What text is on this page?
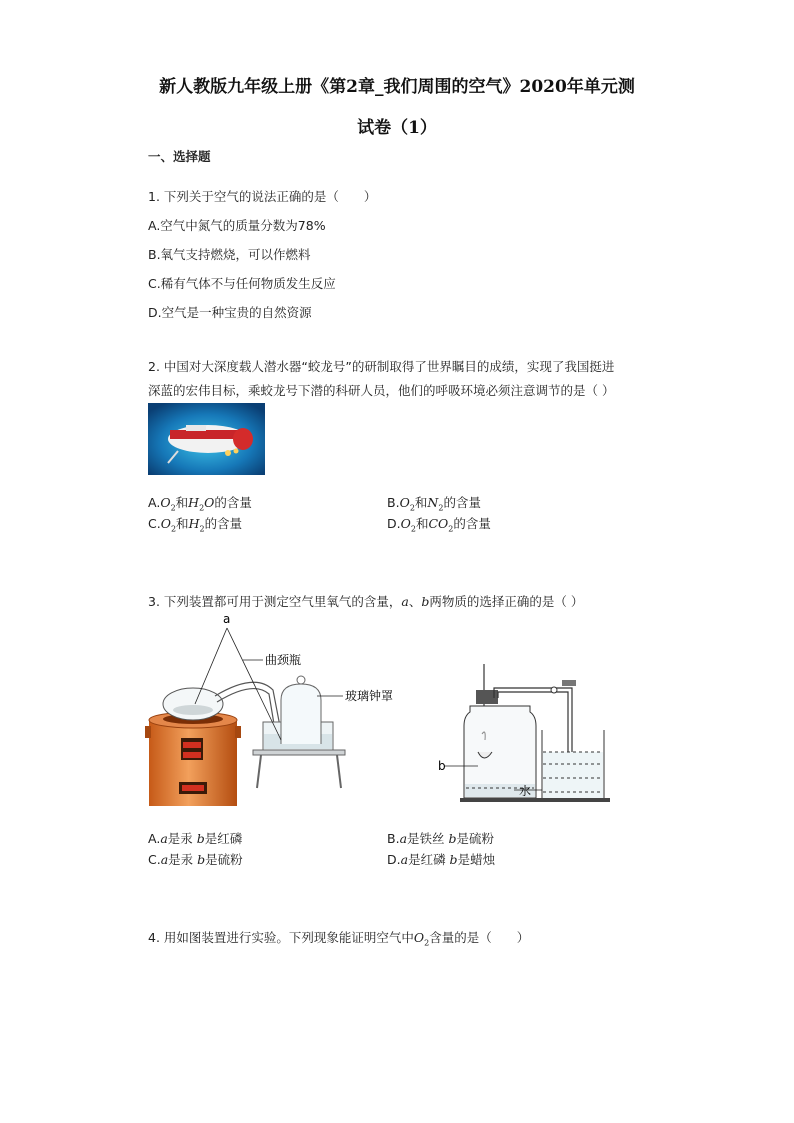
新人教版九年级上册《第2章_我们周围的空气》2020年单元测
试卷（1）
一、选择题
1. 下列关于空气的说法正确的是（　　）
A.空气中氮气的质量分数为78%
B.氧气支持燃烧，可以作燃料
C.稀有气体不与任何物质发生反应
D.空气是一种宝贵的自然资源
2. 中国对大深度载人潜水器“蛟龙号”的研制取得了世界瞩目的成绩，实现了我国挺进
深蓝的宏伟目标，乘蛟龙号下潜的科研人员，他们的呼吸环境必须注意调节的是（ ）
$A.O_2$和$H_2O$的含量	$B.O_2$和$N_2$的含量
$C.O_2$和$H_2$的含量	$D.O_2$和$CO_2$的含量
3. 下列装置都可用于测定空气里氧气的含量，a、b两物质的选择正确的是（ ）
a
曲颈瓶
玻璃钟罩
b
水
A.a是汞 b是红磷	B.a是铁丝 b是硫粉
C.a是汞 b是硫粉	D.a是红磷 b是蜡烛
4. 用如图装置进行实验。下列现象能证明空气中$O_2$含量的是（　　）
